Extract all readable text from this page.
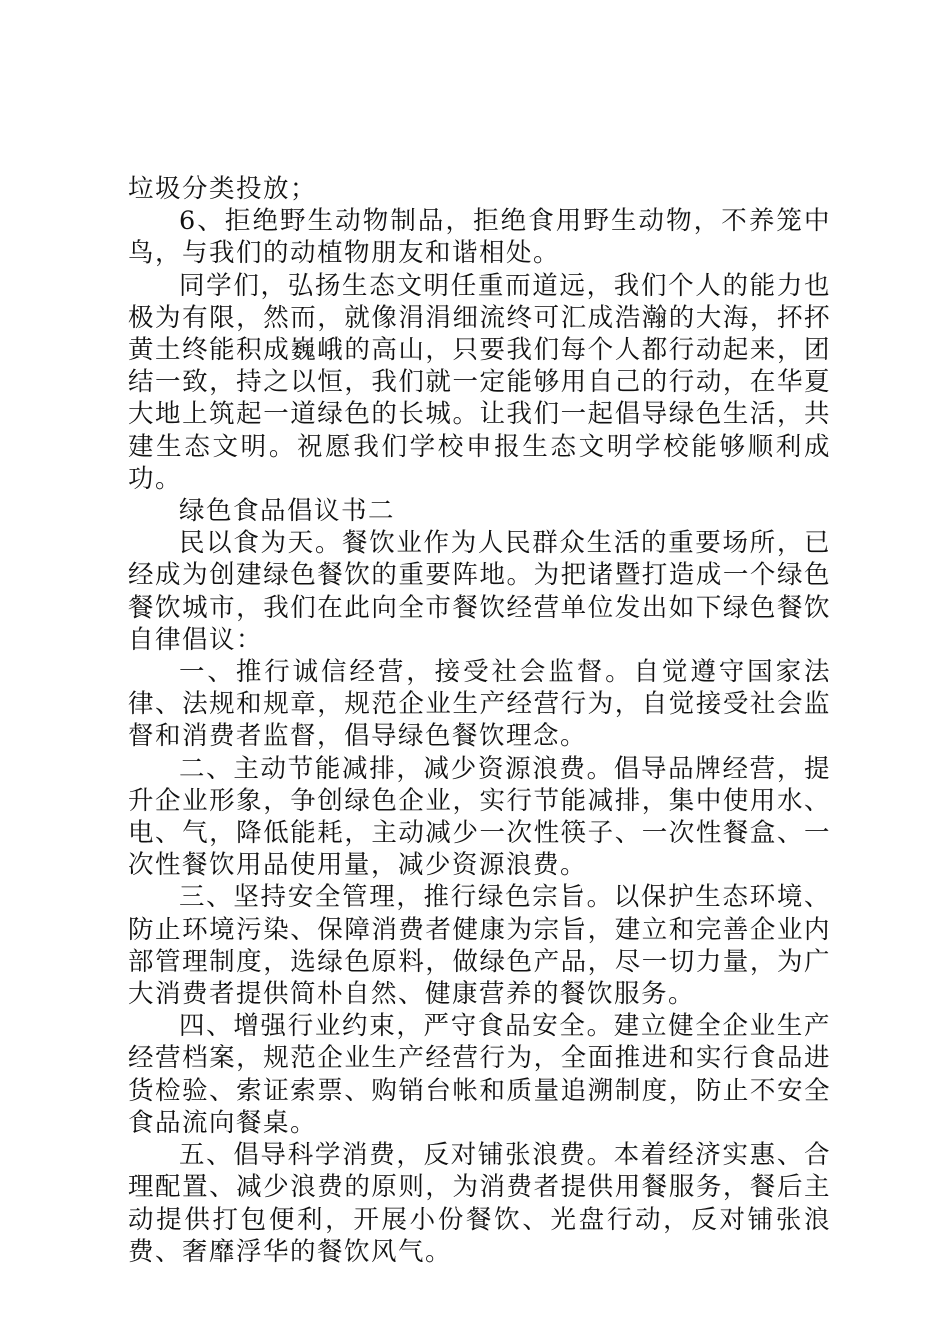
垃圾分类投放；

6、拒绝野生动物制品，拒绝食用野生动物，不养笼中鸟，与我们的动植物朋友和谐相处。

同学们，弘扬生态文明任重而道远，我们个人的能力也极为有限，然而，就像涓涓细流终可汇成浩瀚的大海，抔抔黄土终能积成巍峨的高山，只要我们每个人都行动起来，团结一致，持之以恒，我们就一定能够用自己的行动，在华夏大地上筑起一道绿色的长城。让我们一起倡导绿色生活，共建生态文明。祝愿我们学校申报生态文明学校能够顺利成功。

绿色食品倡议书二

民以食为天。餐饮业作为人民群众生活的重要场所，已经成为创建绿色餐饮的重要阵地。为把诸暨打造成一个绿色餐饮城市，我们在此向全市餐饮经营单位发出如下绿色餐饮自律倡议：

一、推行诚信经营，接受社会监督。自觉遵守国家法律、法规和规章，规范企业生产经营行为，自觉接受社会监督和消费者监督，倡导绿色餐饮理念。

二、主动节能减排，减少资源浪费。倡导品牌经营，提升企业形象，争创绿色企业，实行节能减排，集中使用水、电、气，降低能耗，主动减少一次性筷子、一次性餐盒、一次性餐饮用品使用量，减少资源浪费。

三、坚持安全管理，推行绿色宗旨。以保护生态环境、防止环境污染、保障消费者健康为宗旨，建立和完善企业内部管理制度，选绿色原料，做绿色产品，尽一切力量，为广大消费者提供简朴自然、健康营养的餐饮服务。

四、增强行业约束，严守食品安全。建立健全企业生产经营档案，规范企业生产经营行为，全面推进和实行食品进货检验、索证索票、购销台帐和质量追溯制度，防止不安全食品流向餐桌。

五、倡导科学消费，反对铺张浪费。本着经济实惠、合理配置、减少浪费的原则，为消费者提供用餐服务，餐后主动提供打包便利，开展小份餐饮、光盘行动，反对铺张浪费、奢靡浮华的餐饮风气。
